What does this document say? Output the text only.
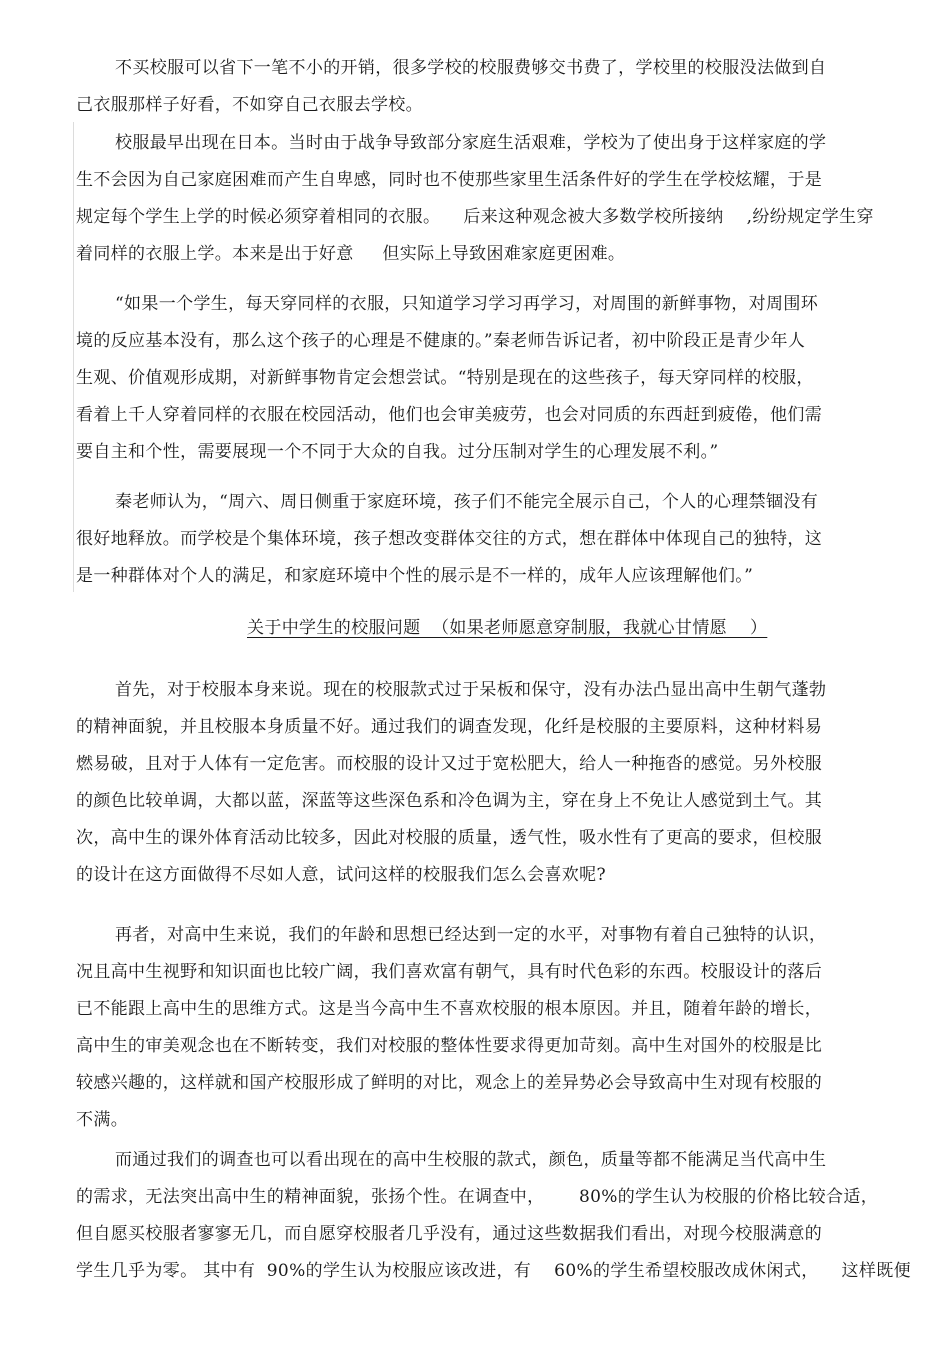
不买校服可以省下一笔不小的开销，很多学校的校服费够交书费了，学校里的校服没法做到自
己衣服那样子好看，不如穿自己衣服去学校。
校服最早出现在日本。当时由于战争导致部分家庭生活艰难，学校为了使出身于这样家庭的学
生不会因为自己家庭困难而产生自卑感，同时也不使那些家里生活条件好的学生在学校炫耀，于是
规定每个学生上学的时候必须穿着相同的衣服。    后来这种观念被大多数学校所接纳    ,纷纷规定学生穿
着同样的衣服上学。本来是出于好意     但实际上导致困难家庭更困难。
“如果一个学生，每天穿同样的衣服，只知道学习学习再学习，对周围的新鲜事物，对周围环
境的反应基本没有，那么这个孩子的心理是不健康的。”秦老师告诉记者，初中阶段正是青少年人
生观、价值观形成期，对新鲜事物肯定会想尝试。“特别是现在的这些孩子，每天穿同样的校服，
看着上千人穿着同样的衣服在校园活动，他们也会审美疲劳，也会对同质的东西赶到疲倦，他们需
要自主和个性，需要展现一个不同于大众的自我。过分压制对学生的心理发展不利。”
秦老师认为，“周六、周日侧重于家庭环境，孩子们不能完全展示自己，个人的心理禁锢没有
很好地释放。而学校是个集体环境，孩子想改变群体交往的方式，想在群体中体现自己的独特，这
是一种群体对个人的满足，和家庭环境中个性的展示是不一样的，成年人应该理解他们。”
关于中学生的校服问题  （如果老师愿意穿制服，我就心甘情愿    ）
首先，对于校服本身来说。现在的校服款式过于呆板和保守，没有办法凸显出高中生朝气蓬勃
的精神面貌，并且校服本身质量不好。通过我们的调查发现，化纤是校服的主要原料，这种材料易
燃易破，且对于人体有一定危害。而校服的设计又过于宽松肥大，给人一种拖沓的感觉。另外校服
的颜色比较单调，大都以蓝，深蓝等这些深色系和冷色调为主，穿在身上不免让人感觉到土气。其
次，高中生的课外体育活动比较多，因此对校服的质量，透气性，吸水性有了更高的要求，但校服
的设计在这方面做得不尽如人意，试问这样的校服我们怎么会喜欢呢?
再者，对高中生来说，我们的年龄和思想已经达到一定的水平，对事物有着自己独特的认识，
况且高中生视野和知识面也比较广阔，我们喜欢富有朝气，具有时代色彩的东西。校服设计的落后
已不能跟上高中生的思维方式。这是当今高中生不喜欢校服的根本原因。并且，随着年龄的增长，
高中生的审美观念也在不断转变，我们对校服的整体性要求得更加苛刻。高中生对国外的校服是比
较感兴趣的，这样就和国产校服形成了鲜明的对比，观念上的差异势必会导致高中生对现有校服的
不满。
而通过我们的调查也可以看出现在的高中生校服的款式，颜色，质量等都不能满足当代高中生
的需求，无法突出高中生的精神面貌，张扬个性。在调查中，      80%的学生认为校服的价格比较合适，
但自愿买校服者寥寥无几，而自愿穿校服者几乎没有，通过这些数据我们看出，对现今校服满意的
学生几乎为零。 其中有  90%的学生认为校服应该改进，有    60%的学生希望校服改成休闲式，    这样既便
